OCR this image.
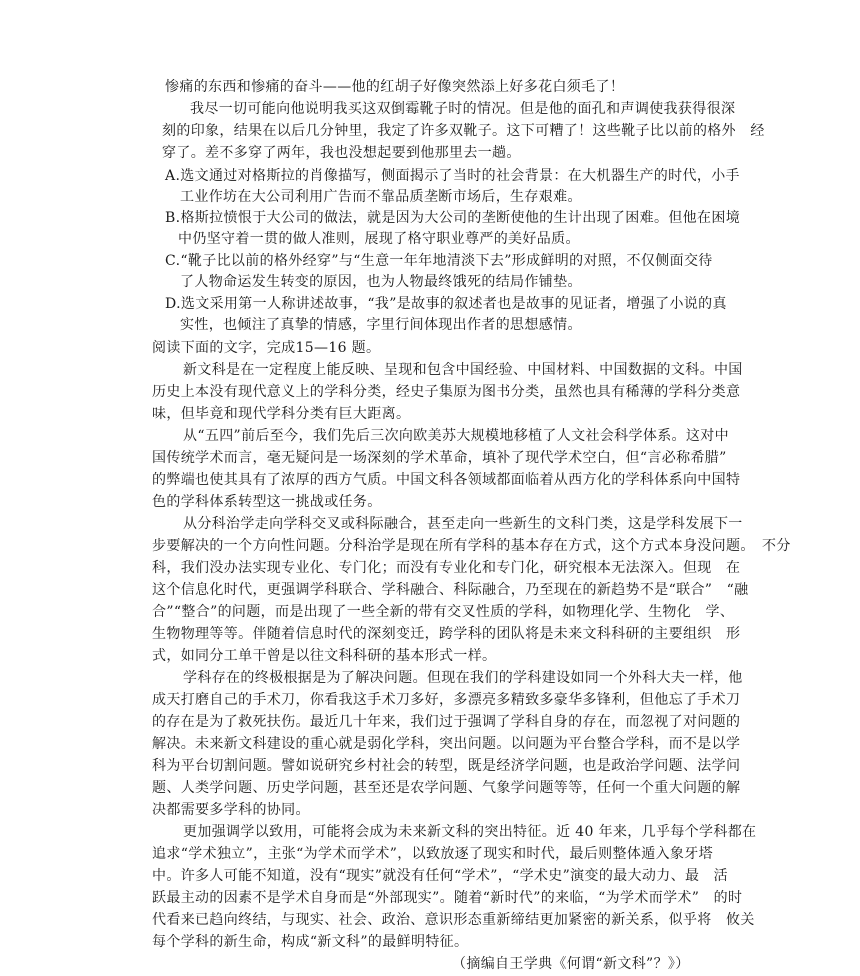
惨痛的东西和惨痛的奋斗——他的红胡子好像突然添上好多花白须毛了！

我尽一切可能向他说明我买这双倒霉靴子时的情况。但是他的面孔和声调使我获得很深

刻的印象，结果在以后几分钟里，我定了许多双靴子。这下可糟了！这些靴子比以前的格外　经

穿了。差不多穿了两年，我也没想起要到他那里去一趟。

A.选文通过对格斯拉的肖像描写，侧面揭示了当时的社会背景：在大机器生产的时代，小手

工业作坊在大公司利用广告而不靠品质垄断市场后，生存艰难。

B.格斯拉愤恨于大公司的做法，就是因为大公司的垄断使他的生计出现了困难。但他在困境

中仍坚守着一贯的做人准则，展现了格守职业尊严的美好品质。

C.“靴子比以前的格外经穿”与“生意一年年地清淡下去”形成鲜明的对照，不仅侧面交待

了人物命运发生转变的原因，也为人物最终饿死的结局作铺垫。

D.选文采用第一人称讲述故事，“我”是故事的叙述者也是故事的见证者，增强了小说的真

实性，也倾注了真挚的情感，字里行间体现出作者的思想感情。

阅读下面的文字，完成15—16 题。

新文科是在一定程度上能反映、呈现和包含中国经验、中国材料、中国数据的文科。中国

历史上本没有现代意义上的学科分类，经史子集原为图书分类，虽然也具有稀薄的学科分类意

味，但毕竟和现代学科分类有巨大距离。

从“五四”前后至今，我们先后三次向欧美苏大规模地移植了人文社会科学体系。这对中

国传统学术而言，毫无疑问是一场深刻的学术革命，填补了现代学术空白，但“言必称希腊”

的弊端也使其具有了浓厚的西方气质。中国文科各领域都面临着从西方化的学科体系向中国特

色的学科体系转型这一挑战或任务。

从分科治学走向学科交叉或科际融合，甚至走向一些新生的文科门类，这是学科发展下一

步要解决的一个方向性问题。分科治学是现在所有学科的基本存在方式，这个方式本身没问题。　不分

科，我们没办法实现专业化、专门化；而没有专业化和专门化，研究根本无法深入。但现　在

这个信息化时代，更强调学科联合、学科融合、科际融合，乃至现在的新趋势不是“联合”　“融

合”“整合”的问题，而是出现了一些全新的带有交叉性质的学科，如物理化学、生物化　学、

生物物理等等。伴随着信息时代的深刻变迁，跨学科的团队将是未来文科科研的主要组织　形

式，如同分工单干曾是以往文科科研的基本形式一样。

学科存在的终极根据是为了解决问题。但现在我们的学科建设如同一个外科大夫一样，他

成天打磨自己的手术刀，你看我这手术刀多好，多漂亮多精致多豪华多锋利，但他忘了手术刀

的存在是为了救死扶伤。最近几十年来，我们过于强调了学科自身的存在，而忽视了对问题的

解决。未来新文科建设的重心就是弱化学科，突出问题。以问题为平台整合学科，而不是以学

科为平台切割问题。譬如说研究乡村社会的转型，既是经济学问题，也是政治学问题、法学问

题、人类学问题、历史学问题，甚至还是农学问题、气象学问题等等，任何一个重大问题的解

决都需要多学科的协同。

更加强调学以致用，可能将会成为未来新文科的突出特征。近 40 年来，几乎每个学科都在

追求“学术独立”，主张“为学术而学术”，以致放逐了现实和时代，最后则整体遁入象牙塔

中。许多人可能不知道，没有“现实”就没有任何“学术”，“学术史”演变的最大动力、最　活

跃最主动的因素不是学术自身而是“外部现实”。随着“新时代”的来临，“为学术而学术”　的时

代看来已趋向终结，与现实、社会、政治、意识形态重新缔结更加紧密的新关系，似乎将　攸关

每个学科的新生命，构成“新文科”的最鲜明特征。

（摘编自王学典《何谓“新文科”？》）
